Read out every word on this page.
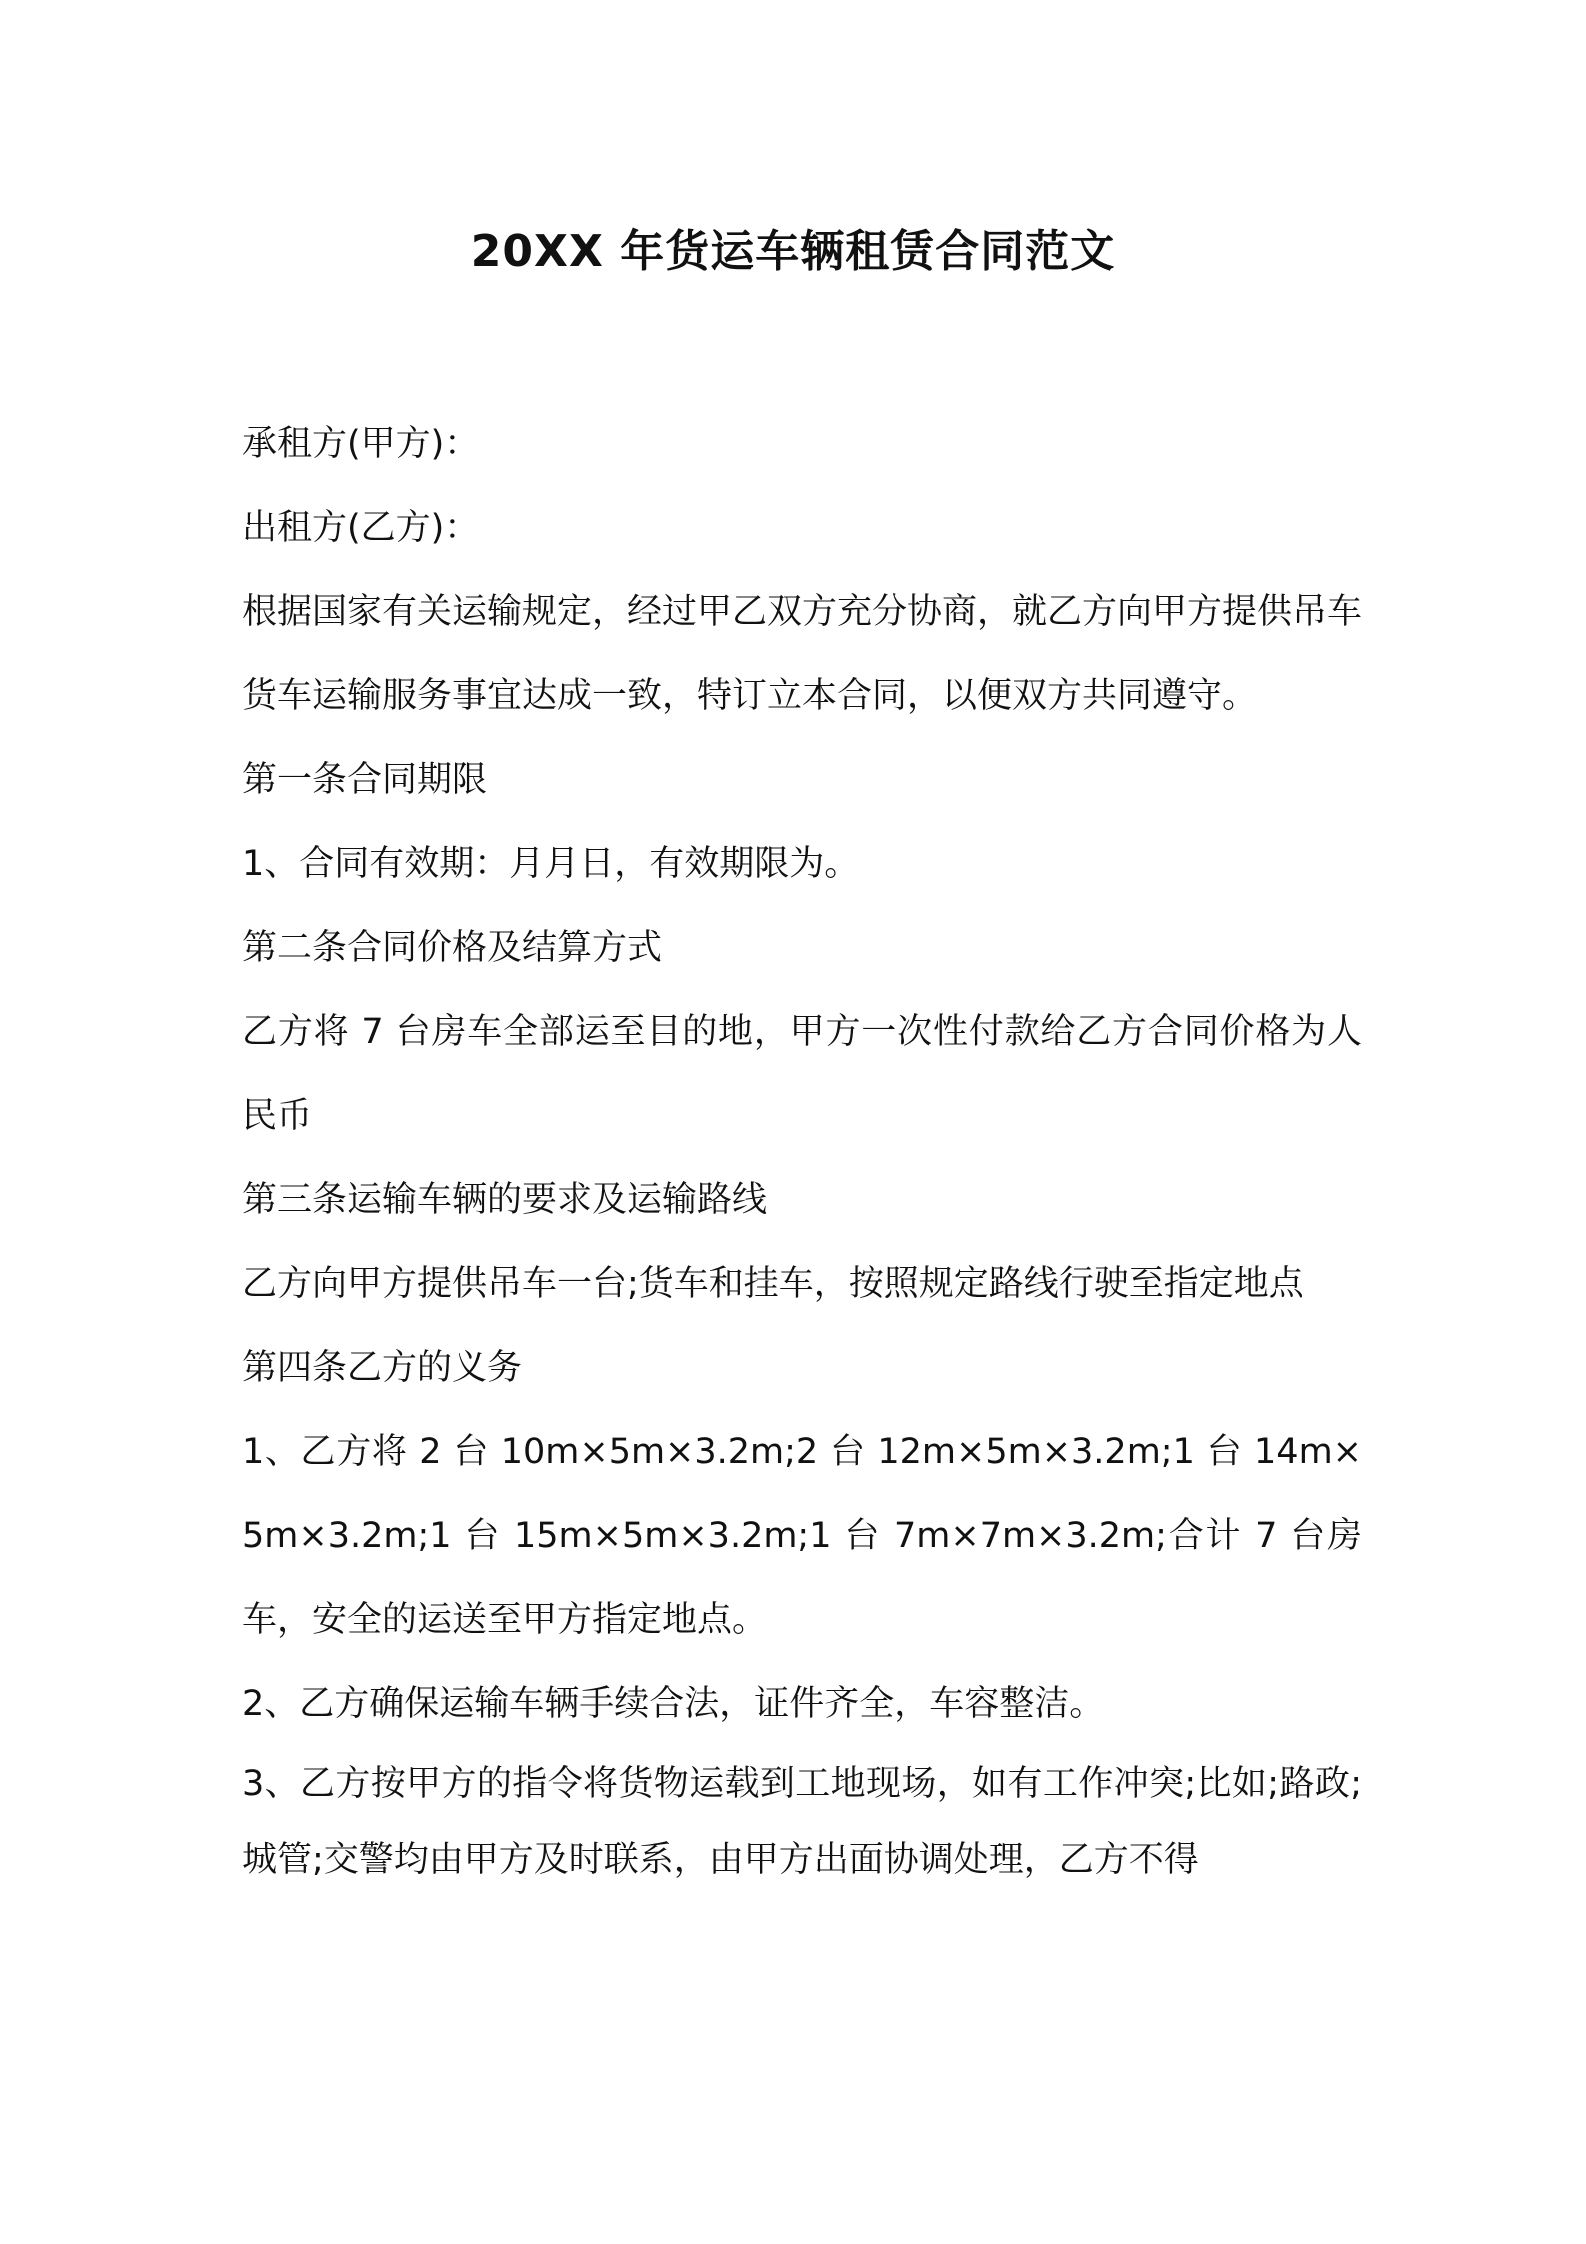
20XX 年货运车辆租赁合同范文

承租方(甲方)：

出租方(乙方)：

根据国家有关运输规定，经过甲乙双方充分协商，就乙方向甲方提供吊车货车运输服务事宜达成一致，特订立本合同，以便双方共同遵守。

第一条合同期限

1、合同有效期：月月日，有效期限为。

第二条合同价格及结算方式

乙方将 7 台房车全部运至目的地，甲方一次性付款给乙方合同价格为人民币

第三条运输车辆的要求及运输路线

乙方向甲方提供吊车一台;货车和挂车，按照规定路线行驶至指定地点

第四条乙方的义务

1、乙方将 2 台 10m×5m×3.2m;2 台 12m×5m×3.2m;1 台 14m×5m×3.2m;1 台 15m×5m×3.2m;1 台 7m×7m×3.2m;合计 7 台房车，安全的运送至甲方指定地点。

2、乙方确保运输车辆手续合法，证件齐全，车容整洁。

3、乙方按甲方的指令将货物运载到工地现场，如有工作冲突;比如;路政;城管;交警均由甲方及时联系，由甲方出面协调处理，乙方不得
